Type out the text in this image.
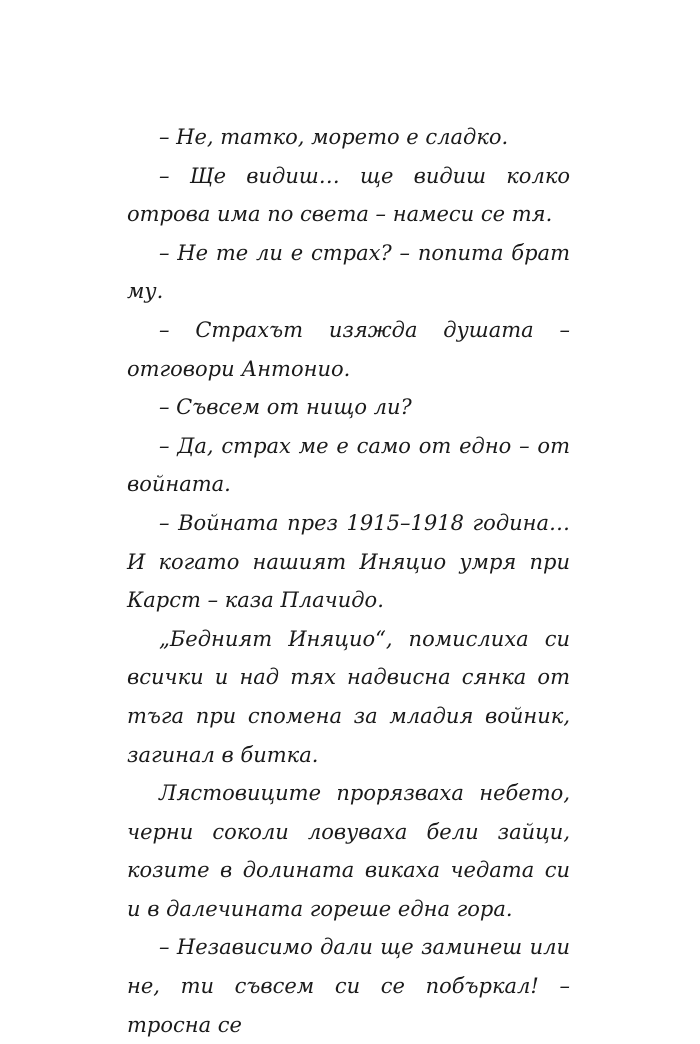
– Не, татко, морето е сладко.

– Ще видиш… ще видиш колко отрова има по света – намеси се тя.

– Не те ли е страх? – попита брат му.

– Страхът изяжда душата – отговори Антонио.

– Съвсем от нищо ли?

– Да, страх ме е само от едно – от войната.

– Войната през 1915–1918 година… И когато нашият Иняцио умря при Карст – каза Плачидо.

„Бедният Иняцио“, помислиха си всички и над тях надвисна сянка от тъга при спомена за младия войник, загинал в битка.

Лястовиците прорязваха небето, черни соколи ловуваха бели зайци, козите в долината викаха чедата си и в далечината гореше една гора.

– Независимо дали ще заминеш или не, ти съвсем си се побъркал! – тросна се
